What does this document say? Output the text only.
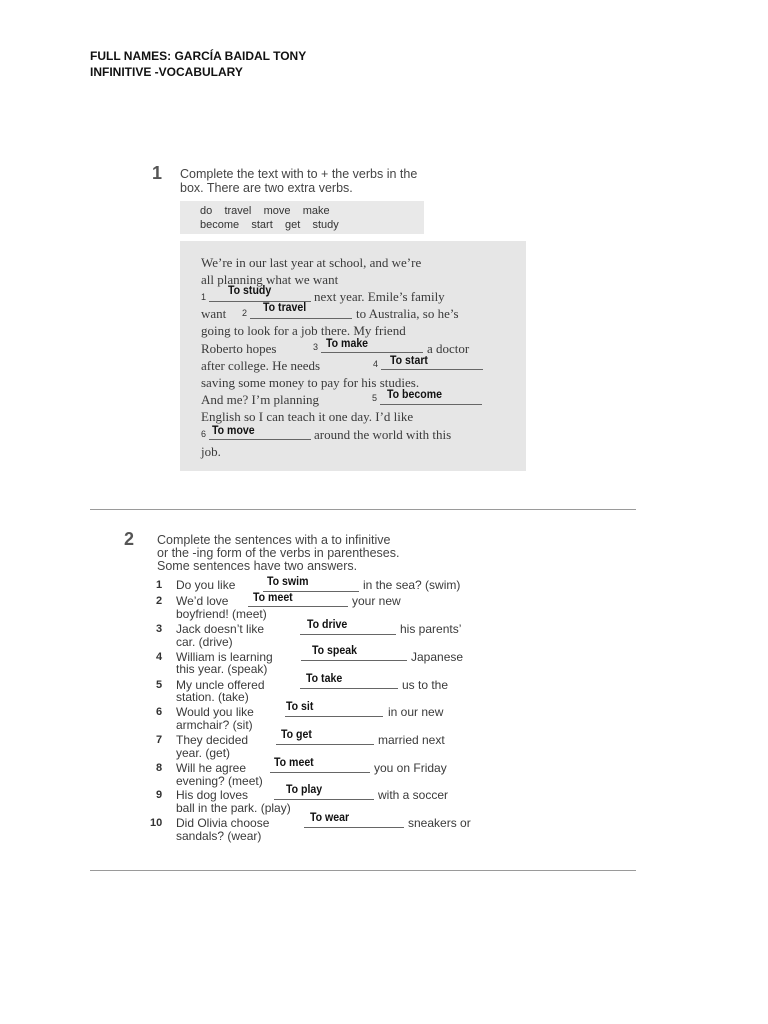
FULL NAMES: GARCÍA BAIDAL TONY
INFINITIVE -VOCABULARY
1 Complete the text with to + the verbs in the
box. There are two extra verbs.
do    travel    move    make
become    start    get    study
We’re in our last year at school, and we’re
all planning what we want
1 To study	next year. Emile’s family
want 2 To travel	to Australia, so he’s
going to look for a job there. My friend
Roberto hopes	3 To make	a doctor
after college. He needs	4 To start
saving some money to pay for his studies.
And me? I’m planning	5 To become
English so I can teach it one day. I’d like
6 To move	around the world with this
job.
2 Complete the sentences with a to infinitive
or the -ing form of the verbs in parentheses.
Some sentences have two answers.
1 Do you like	To swim	in the sea? (swim)
2 We’d love To meet	your new
boyfriend! (meet)
3 Jack doesn’t like	To drive	his parents’
car. (drive)
4 William is learning	To speak	Japanese
this year. (speak)
5 My uncle offered	To take	us to the
station. (take)
6 Would you like	To sit	in our new
armchair? (sit)
7 They decided	To get	married next
year. (get)
8 Will he agree To meet	you on Friday
evening? (meet)
9 His dog loves	To play	with a soccer
ball in the park. (play)
10 Did Olivia choose	To wear	sneakers or
sandals? (wear)
